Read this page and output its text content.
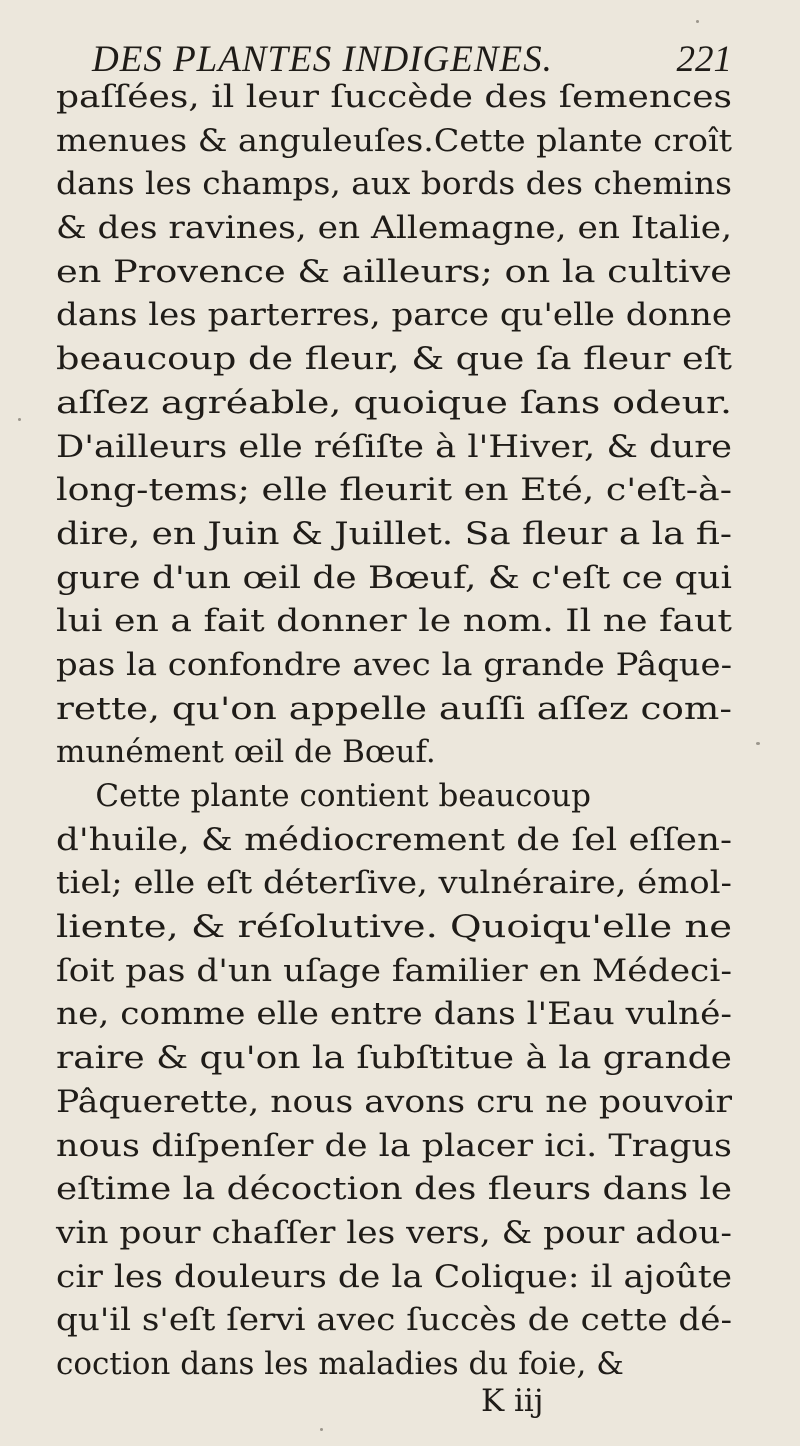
DES PLANTES INDIGENES.	221
paſſées, il leur ſuccède des ſemences
menues & anguleuſes.Cette plante croît
dans les champs, aux bords des chemins
& des ravines, en Allemagne, en Italie,
en Provence & ailleurs; on la cultive
dans les parterres, parce qu'elle donne
beaucoup de fleur, & que ſa fleur eſt
aſſez agréable, quoique ſans odeur.
D'ailleurs elle réſiſte à l'Hiver, & dure
long-tems; elle fleurit en Eté, c'eſt-à-
dire, en Juin & Juillet. Sa fleur a la fi-
gure d'un œil de Bœuf, & c'eſt ce qui
lui en a fait donner le nom. Il ne faut
pas la confondre avec la grande Pâque-
rette, qu'on appelle auſſi aſſez com-
munément œil de Bœuf.
Cette plante contient beaucoup
d'huile, & médiocrement de ſel eſſen-
tiel; elle eſt déterſive, vulnéraire, émol-
liente, & réſolutive. Quoiqu'elle ne
ſoit pas d'un uſage familier en Médeci-
ne, comme elle entre dans l'Eau vulné-
raire & qu'on la ſubſtitue à la grande
Pâquerette, nous avons cru ne pouvoir
nous diſpenſer de la placer ici. Tragus
eſtime la décoction des fleurs dans le
vin pour chaſſer les vers, & pour adou-
cir les douleurs de la Colique: il ajoûte
qu'il s'eſt ſervi avec ſuccès de cette dé-
coction dans les maladies du foie, &
K iij
